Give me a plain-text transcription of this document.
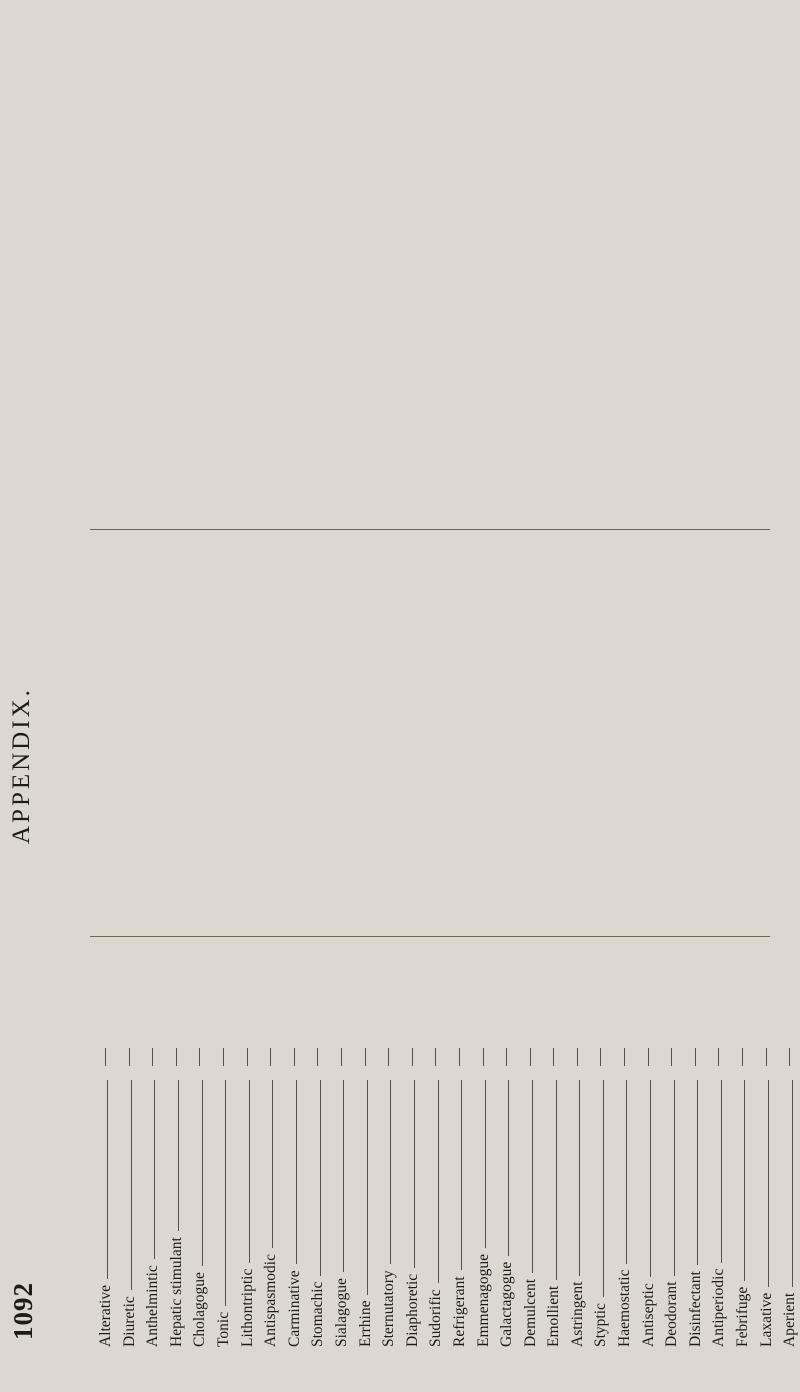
1092
APPENDIX.
Alterative Diuretic Anthelmintic Hepatic stimulant Cholagogue Tonic Lithontriptic Antispasmodic Carminative Stomachic Sialagogue Errhine Sternutatory Diaphoretic Sudorific Refrigerant Emmenagogue Galactagogue Demulcent Emollient Astringent Styptic Haemostatic Antiseptic Deodorant Disinfectant Antiperiodic Febrifuge Laxative Aperient
